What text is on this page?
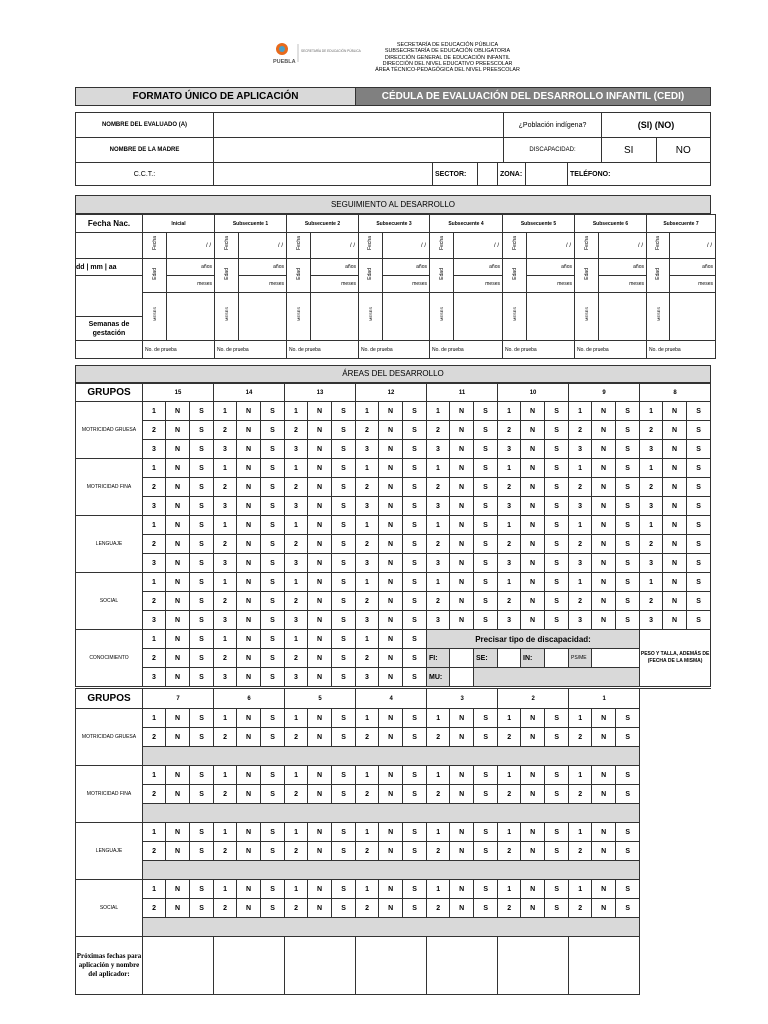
PUEBLA
SECRETARÍA DE EDUCACIÓN PÚBLICA
SECRETARÍA DE EDUCACIÓN PÚBLICA
SUBSECRETARÍA DE EDUCACIÓN OBLIGATORIA
DIRECCIÓN GENERAL DE EDUCACIÓN INFANTIL
DIRECCIÓN DEL NIVEL EDUCATIVO PREESCOLAR
ÁREA TÉCNICO-PEDAGÓGICA DEL NIVEL PREESCOLAR
FORMATO ÚNICO DE APLICACIÓN	CÉDULA DE EVALUACIÓN DEL DESARROLLO INFANTIL (CEDI)
NOMBRE DEL EVALUADO (A)		¿Población indígena?	(SI) (NO)	
NOMBRE DE LA MADRE		DISCAPACIDAD:	SI	NO
C.C.T.:		SECTOR:		ZONA:		TELÉFONO:
SEGUIMIENTO AL DESARROLLO
Fecha Nac.	Inicial		Subsecuente 1		Subsecuente 2		Subsecuente 3		Subsecuente 4		Subsecuente 5		Subsecuente 6		Subsecuente 7	
	Fecha	/ /	Fecha	/ /	Fecha	/ /	Fecha	/ /	Fecha	/ /	Fecha	/ /	Fecha	/ /	Fecha	/ /
dd | mm | aa	Edad	años	Edad	años	Edad	años	Edad	años	Edad	años	Edad	años	Edad	años	Edad	años
		meses		meses		meses		meses		meses		meses		meses		meses
	MESES		MESES		MESES		MESES		MESES		MESES		MESES		MESES	
Semanas de gestación																
	No. de prueba		No. de prueba		No. de prueba		No. de prueba		No. de prueba		No. de prueba		No. de prueba		No. de prueba	
ÁREAS DEL DESARROLLO
GRUPOS	15			14			13			12			11			10			9			8		
MOTRICIDAD GRUESA	1	N	S	1	N	S	1	N	S	1	N	S	1	N	S	1	N	S	1	N	S	1	N	S
	2	N	S	2	N	S	2	N	S	2	N	S	2	N	S	2	N	S	2	N	S	2	N	S
	3	N	S	3	N	S	3	N	S	3	N	S	3	N	S	3	N	S	3	N	S	3	N	S
MOTRICIDAD FINA	1	N	S	1	N	S	1	N	S	1	N	S	1	N	S	1	N	S	1	N	S	1	N	S
	2	N	S	2	N	S	2	N	S	2	N	S	2	N	S	2	N	S	2	N	S	2	N	S
	3	N	S	3	N	S	3	N	S	3	N	S	3	N	S	3	N	S	3	N	S	3	N	S
LENGUAJE	1	N	S	1	N	S	1	N	S	1	N	S	1	N	S	1	N	S	1	N	S	1	N	S
	2	N	S	2	N	S	2	N	S	2	N	S	2	N	S	2	N	S	2	N	S	2	N	S
	3	N	S	3	N	S	3	N	S	3	N	S	3	N	S	3	N	S	3	N	S	3	N	S
SOCIAL	1	N	S	1	N	S	1	N	S	1	N	S	1	N	S	1	N	S	1	N	S	1	N	S
	2	N	S	2	N	S	2	N	S	2	N	S	2	N	S	2	N	S	2	N	S	2	N	S
	3	N	S	3	N	S	3	N	S	3	N	S	3	N	S	3	N	S	3	N	S	3	N	S
CONOCIMIENTO	1	N	S	1	N	S	1	N	S	1	N	S	Precisar tipo de discapacidad:									PESO Y TALLA, ADEMÁS DE (FECHA DE LA MISMA)		
	2	N	S	2	N	S	2	N	S	2	N	S	FI:		SE:		IN:		PS/ME					
	3	N	S	3	N	S	3	N	S	3	N	S	MU:											
GRUPOS	7			6			5			4			3			2			1			
MOTRICIDAD GRUESA	1	N	S	1	N	S	1	N	S	1	N	S	1	N	S	1	N	S	1	N	S	
	2	N	S	2	N	S	2	N	S	2	N	S	2	N	S	2	N	S	2	N	S	

MOTRICIDAD FINA	1	N	S	1	N	S	1	N	S	1	N	S	1	N	S	1	N	S	1	N	S	
	2	N	S	2	N	S	2	N	S	2	N	S	2	N	S	2	N	S	2	N	S	

LENGUAJE	1	N	S	1	N	S	1	N	S	1	N	S	1	N	S	1	N	S	1	N	S	
	2	N	S	2	N	S	2	N	S	2	N	S	2	N	S	2	N	S	2	N	S	

SOCIAL	1	N	S	1	N	S	1	N	S	1	N	S	1	N	S	1	N	S	1	N	S	
	2	N	S	2	N	S	2	N	S	2	N	S	2	N	S	2	N	S	2	N	S	

Próximas fechas para aplicación y nombre del aplicador:																						
